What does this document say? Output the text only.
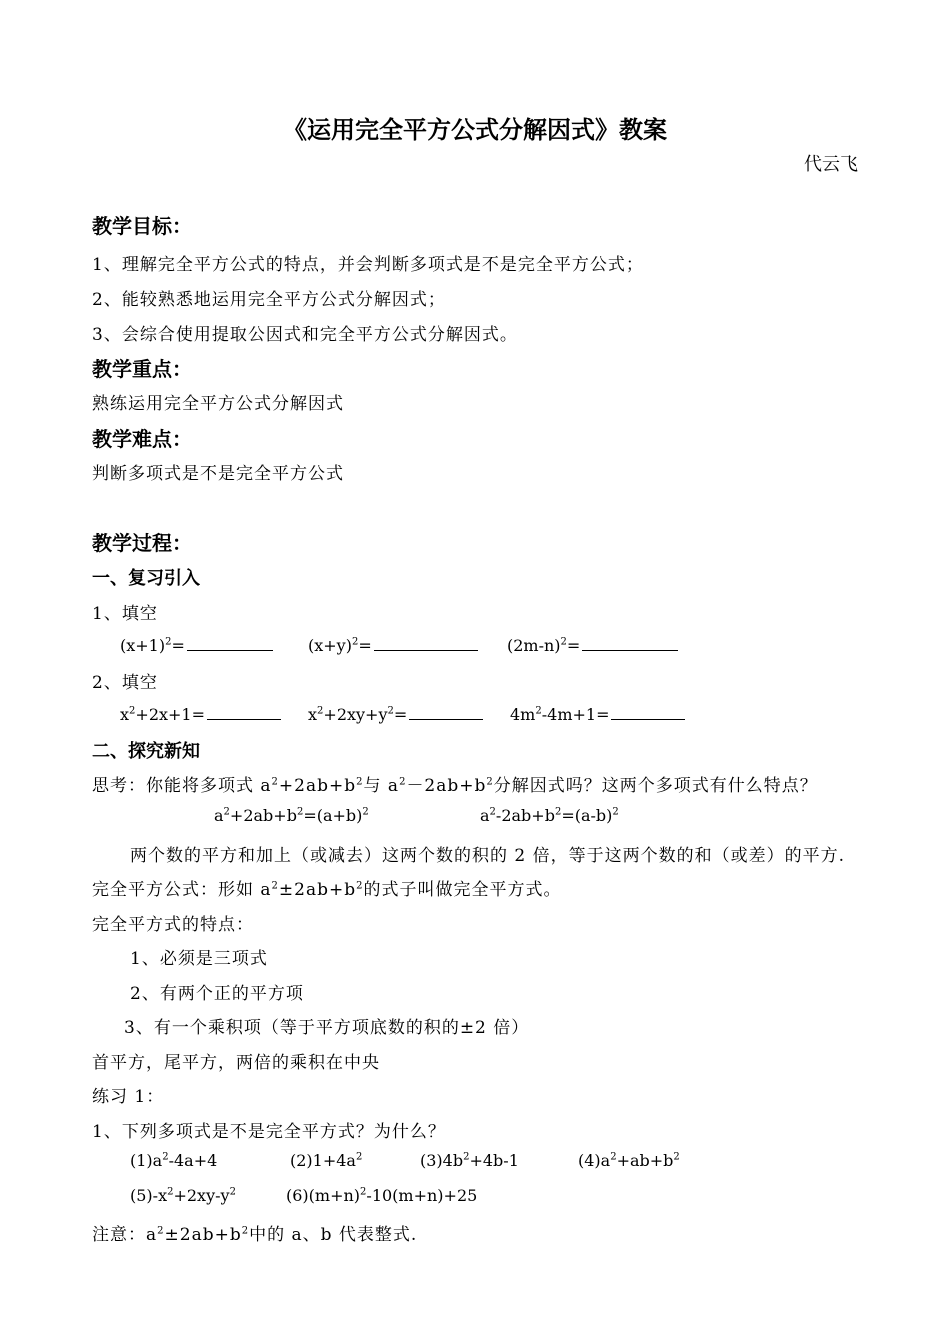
《运用完全平方公式分解因式》教案
代云飞
教学目标：
1、理解完全平方公式的特点，并会判断多项式是不是完全平方公式；
2、能较熟悉地运用完全平方公式分解因式；
3、会综合使用提取公因式和完全平方公式分解因式。
教学重点：
熟练运用完全平方公式分解因式
教学难点：
判断多项式是不是完全平方公式
教学过程：
一、复习引入
1、填空
$(x+1)^2=$	$(x+y)^2=$	$(2m-n)^2=$
2、填空
$x^2+2x+1=$	$x^2+2xy+y^2=$	$4m^2-4m+1=$
二、探究新知
思考：你能将多项式 $a^2+2ab+b^2$与 $a^2-2ab+b^2$分解因式吗？这两个多项式有什么特点？
$a^2+2ab+b^2=(a+b)^2$	$a^2-2ab+b^2=(a-b)^2$
两个数的平方和加上（或减去）这两个数的积的 2 倍，等于这两个数的和（或差）的平方.
完全平方公式：形如 $a^2\pm 2ab+b^2$的式子叫做完全平方式。
完全平方式的特点：
1、必须是三项式
2、有两个正的平方项
3、有一个乘积项（等于平方项底数的积的±2 倍）
首平方，尾平方，两倍的乘积在中央
练习 1：
1、下列多项式是不是完全平方式？为什么？
$(1)a^2-4a+4$	$(2)1+4a^2$	$(3)4b^2+4b-1$	$(4)a^2+ab+b^2$
$(5)-x^2+2xy-y^2$	$(6)(m+n)^2-10(m+n)+25$
注意：$a^2\pm 2ab+b^2$中的 a、b 代表整式.
